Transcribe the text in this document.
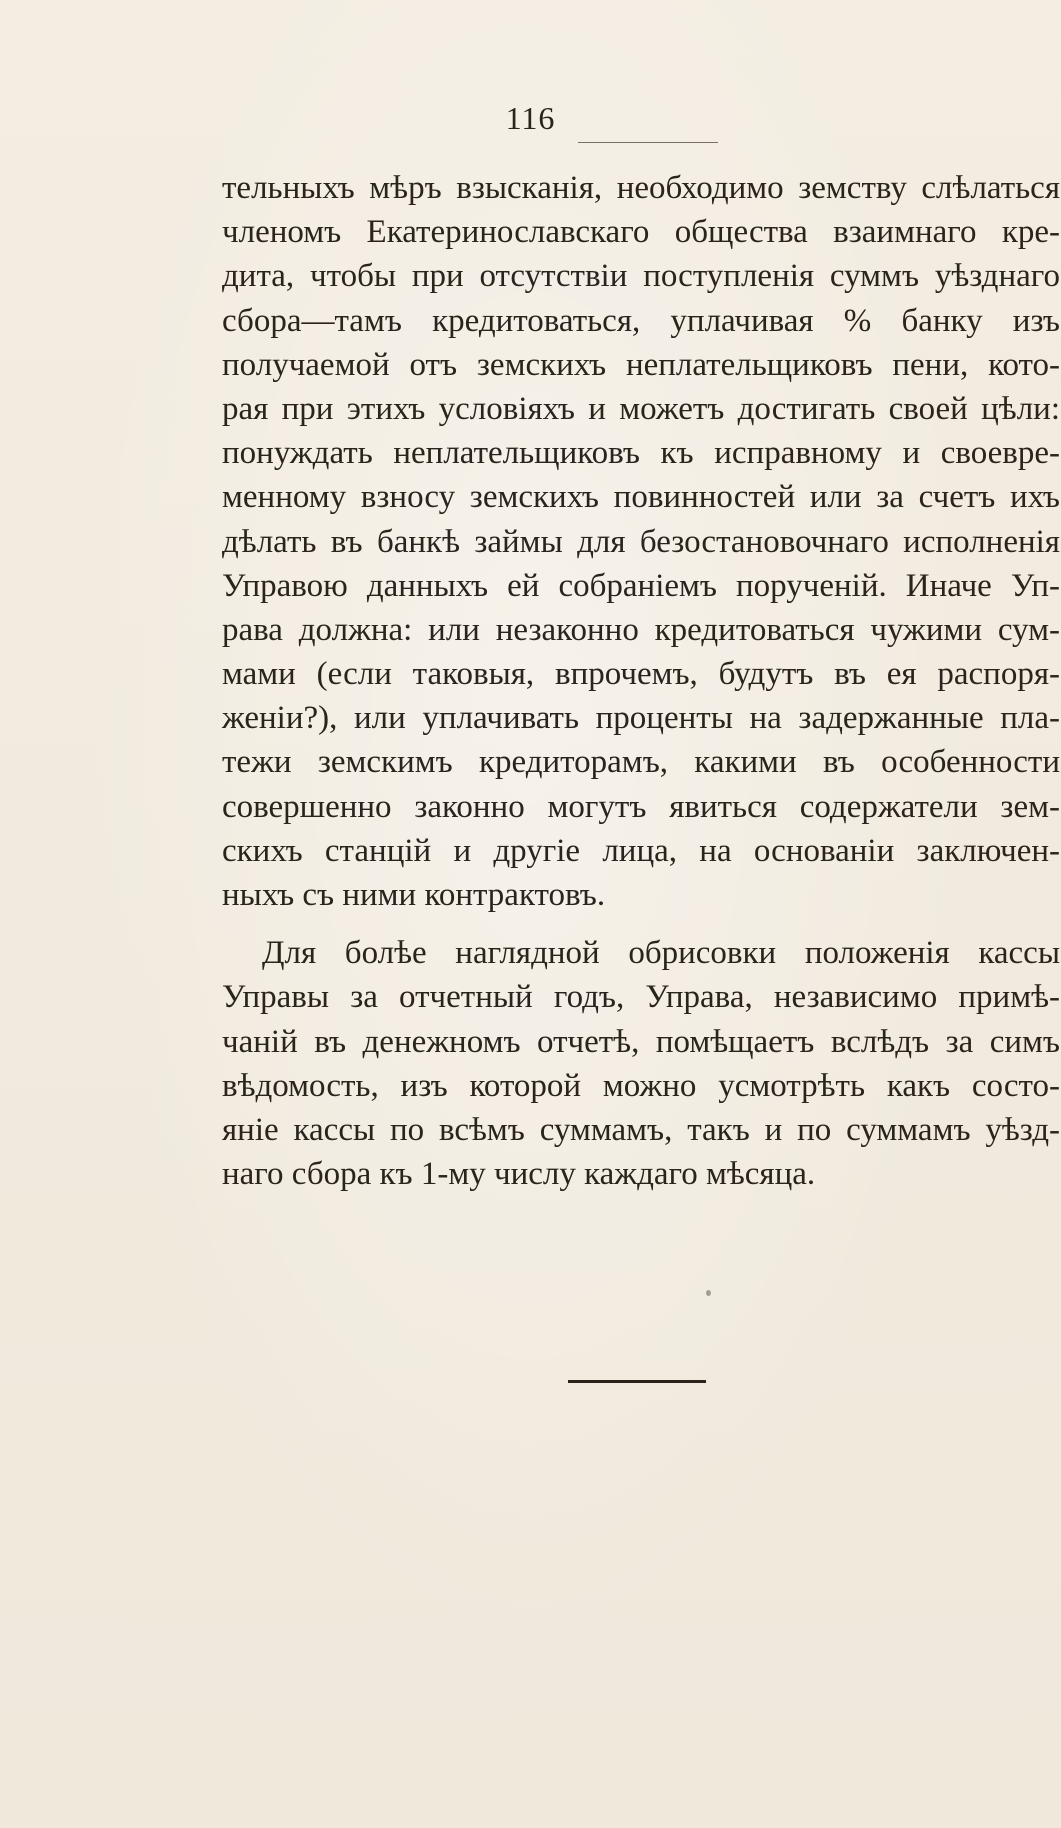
116
тельныхъ мѣръ взысканія, необходимо земству слѣлаться
членомъ Екатеринославскаго общества взаимнаго кре-
дита, чтобы при отсутствіи поступленія суммъ уѣзднаго
сбора—тамъ кредитоваться, уплачивая % банку изъ
получаемой отъ земскихъ неплательщиковъ пени, кото-
рая при этихъ условіяхъ и можетъ достигать своей цѣли:
понуждать неплательщиковъ къ исправному и своевре-
менному взносу земскихъ повинностей или за счетъ ихъ
дѣлать въ банкѣ займы для безостановочнаго исполненія
Управою данныхъ ей собраніемъ порученій. Иначе Уп-
рава должна: или незаконно кредитоваться чужими сум-
мами (если таковыя, впрочемъ, будутъ въ ея распоря-
женіи?), или уплачивать проценты на задержанные пла-
тежи земскимъ кредиторамъ, какими въ особенности
совершенно законно могутъ явиться содержатели зем-
скихъ станцій и другіе лица, на основаніи заключен-
ныхъ съ ними контрактовъ.
Для болѣе наглядной обрисовки положенія кассы
Управы за отчетный годъ, Управа, независимо примѣ-
чаній въ денежномъ отчетѣ, помѣщаетъ вслѣдъ за симъ
вѣдомость, изъ которой можно усмотрѣть какъ состо-
яніе кассы по всѣмъ суммамъ, такъ и по суммамъ уѣзд-
наго сбора къ 1-му числу каждаго мѣсяца.
